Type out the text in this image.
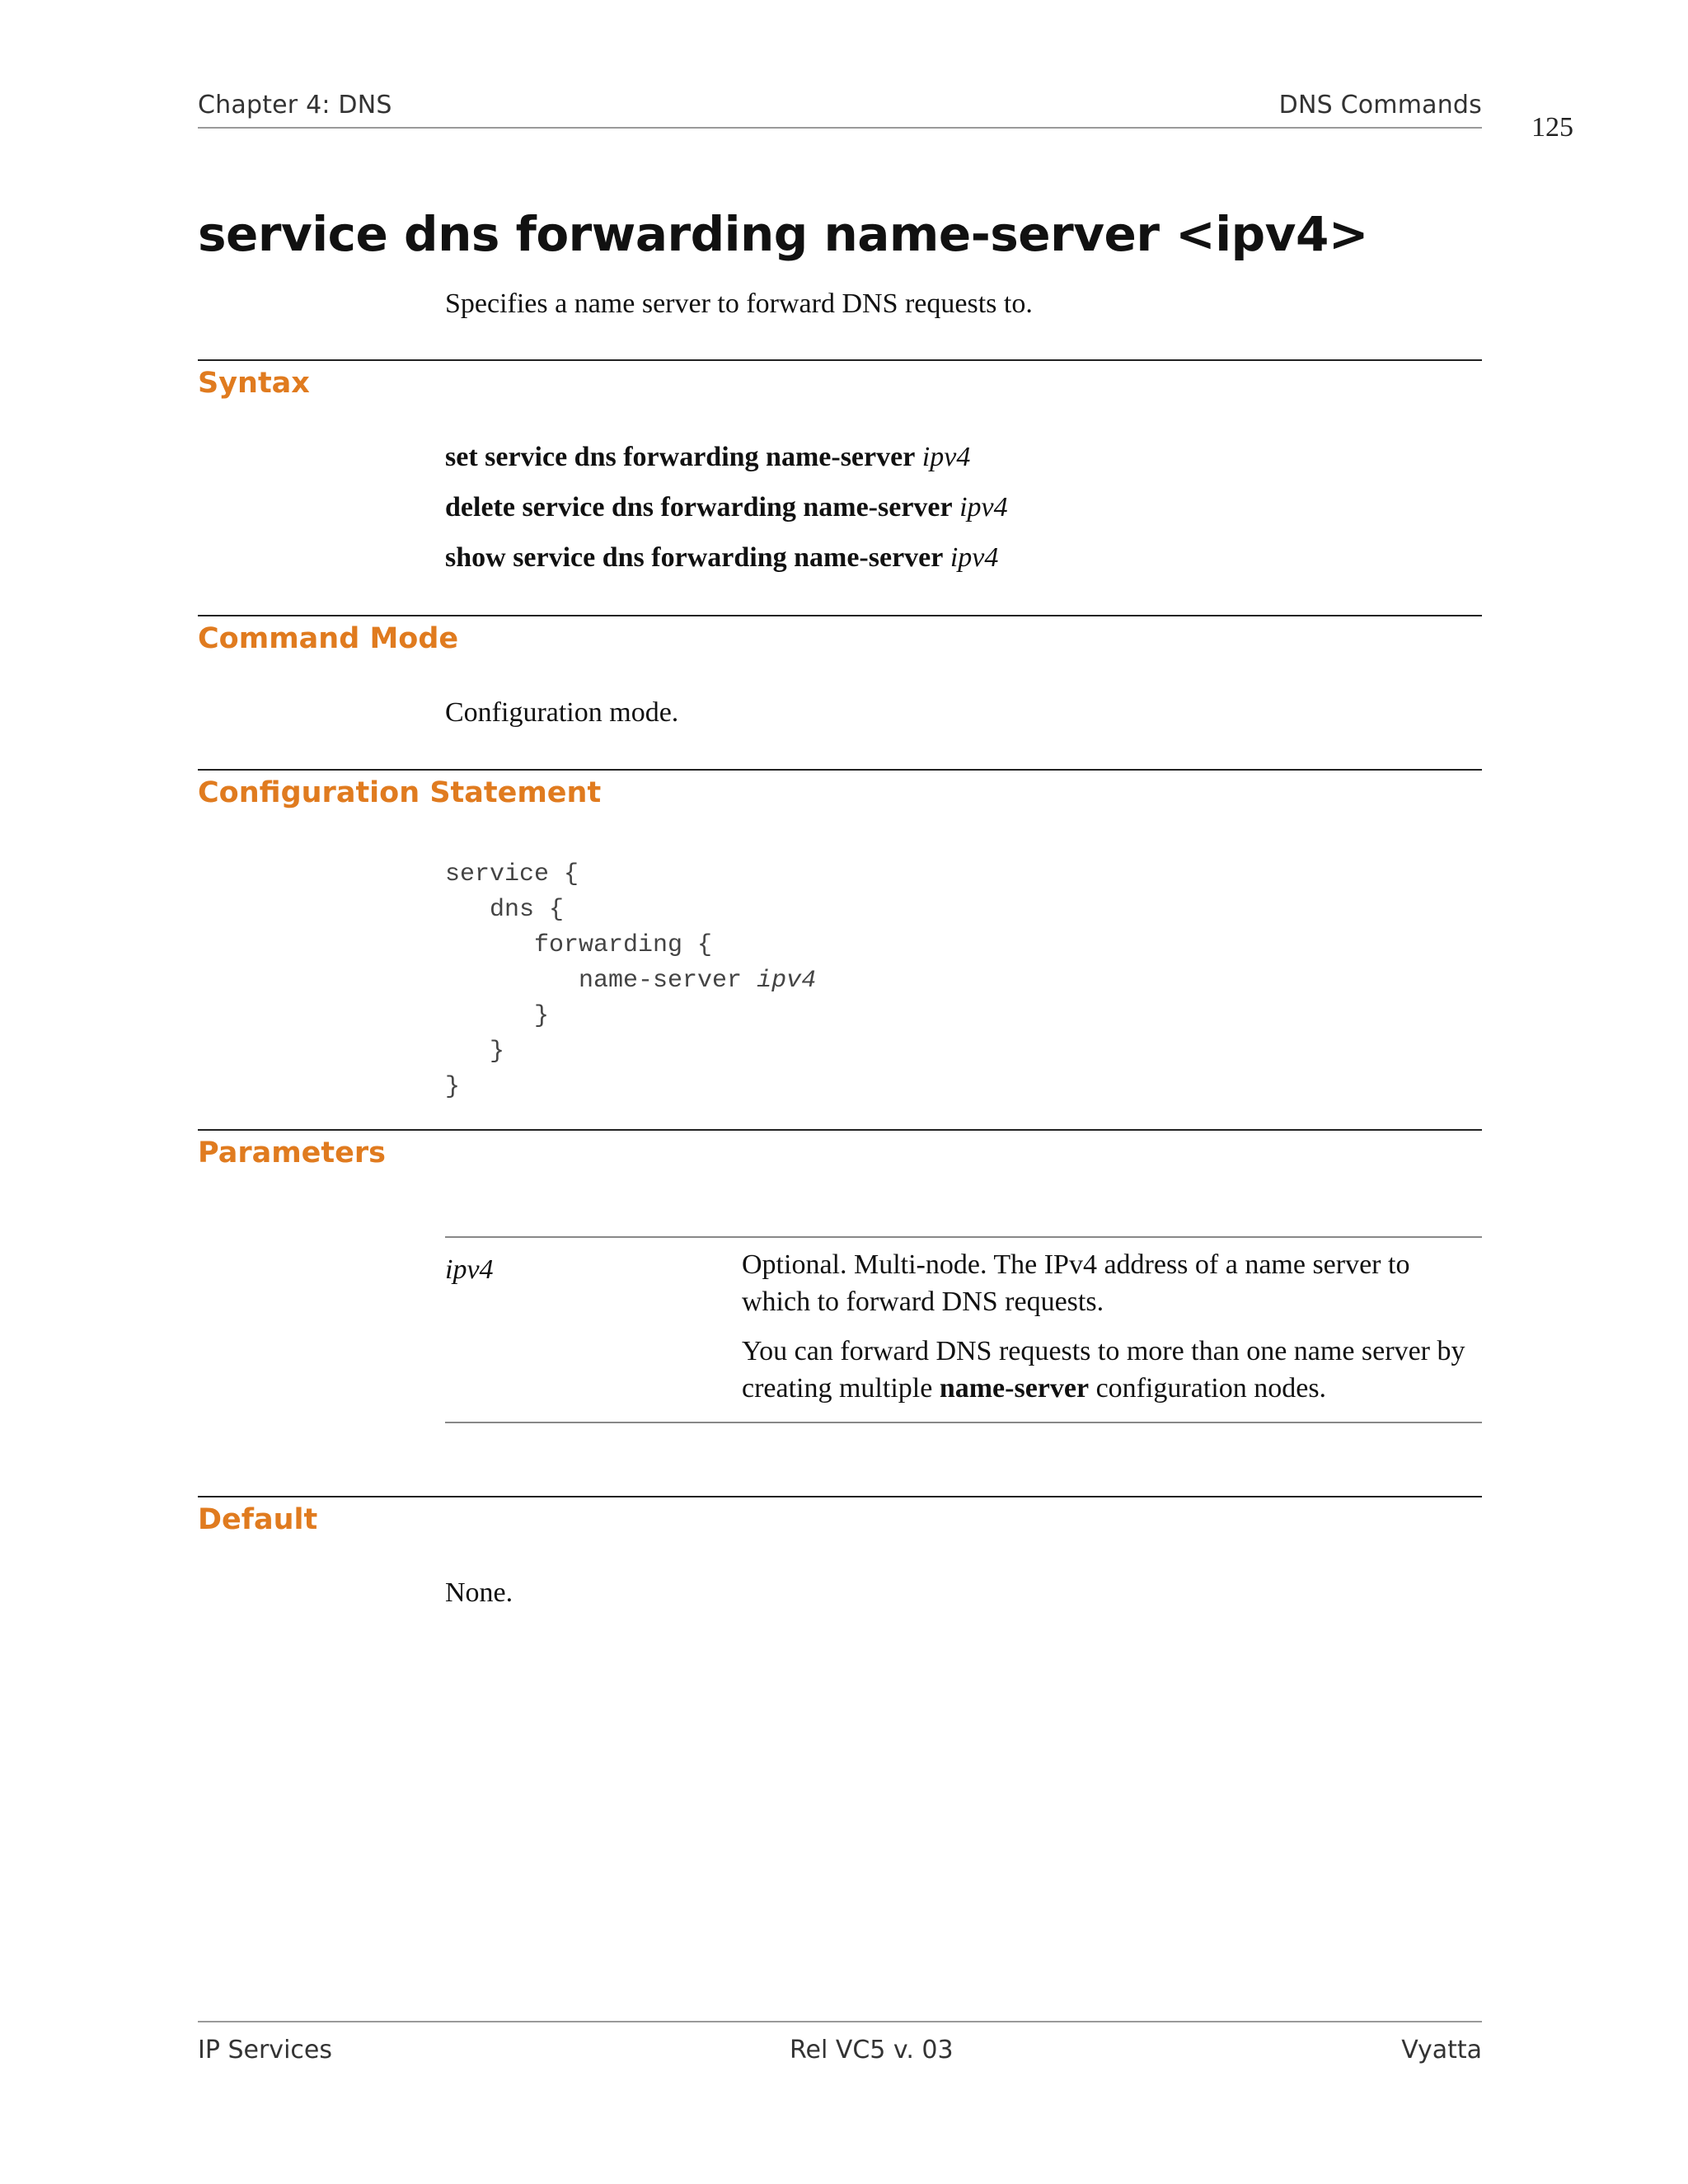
Chapter 4: DNS	DNS Commands
125
service dns forwarding name-server <ipv4>

Specifies a name server to forward DNS requests to.

Syntax

set service dns forwarding name-server ipv4

delete service dns forwarding name-server ipv4

show service dns forwarding name-server ipv4

Command Mode

Configuration mode.

Configuration Statement
service {
dns {
forwarding {
name-server ipv4
}
}
}
Parameters

ipv4	Optional. Multi-node. The IPv4 address of a name server to which to forward DNS requests.

You can forward DNS requests to more than one name server by creating multiple name-server configuration nodes.

Default

None.

IP Services	Rel VC5 v. 03	Vyatta
